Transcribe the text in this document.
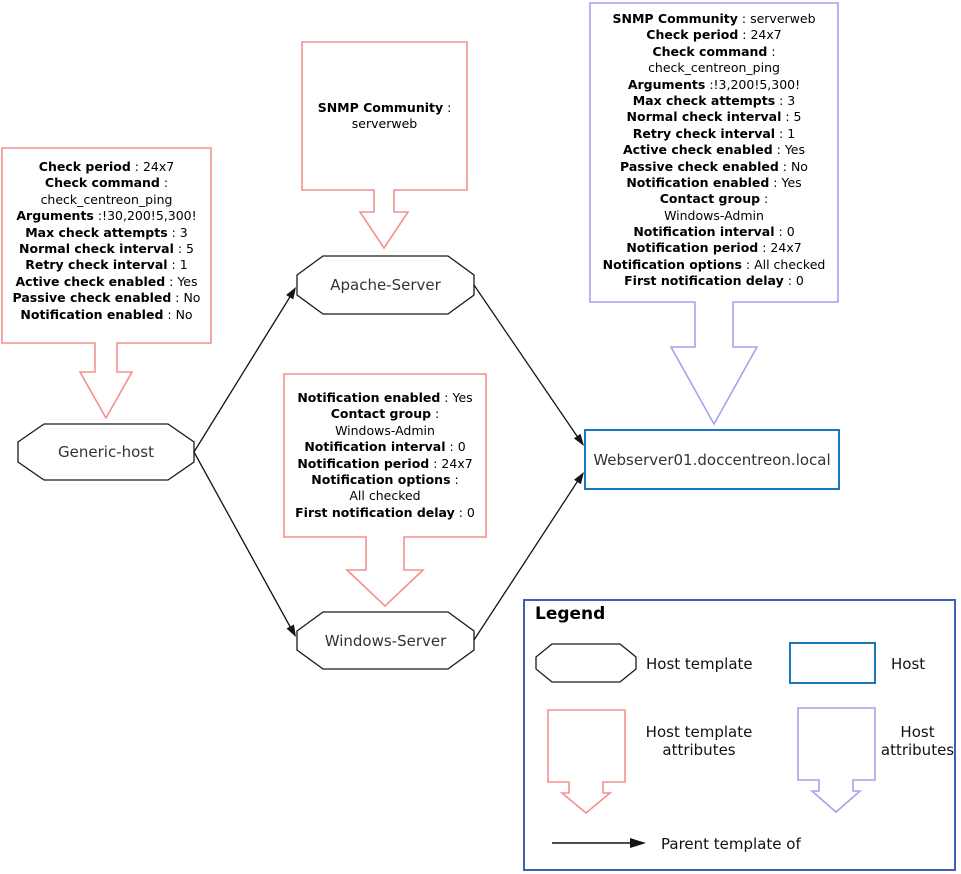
Check period : 24x7
Check command :
check_centreon_ping
Arguments :!30,200!5,300!
Max check attempts : 3
Normal check interval : 5
Retry check interval : 1
Active check enabled : Yes
Passive check enabled : No
Notification enabled : No
SNMP Community :
serverweb
Notification enabled : Yes
Contact group :
Windows-Admin
Notification interval : 0
Notification period : 24x7
Notification options :
All checked
First notification delay : 0
SNMP Community : serverweb
Check period : 24x7
Check command :
check_centreon_ping
Arguments :!3,200!5,300!
Max check attempts : 3
Normal check interval : 5
Retry check interval : 1
Active check enabled : Yes
Passive check enabled : No
Notification enabled : Yes
Contact group :
Windows-Admin
Notification interval : 0
Notification period : 24x7
Notification options : All checked
First notification delay : 0
Generic-host
Apache-Server
Windows-Server
Webserver01.doccentreon.local
Legend
Host template	Host
Host template
attributes
Host
attributes
Parent template of
